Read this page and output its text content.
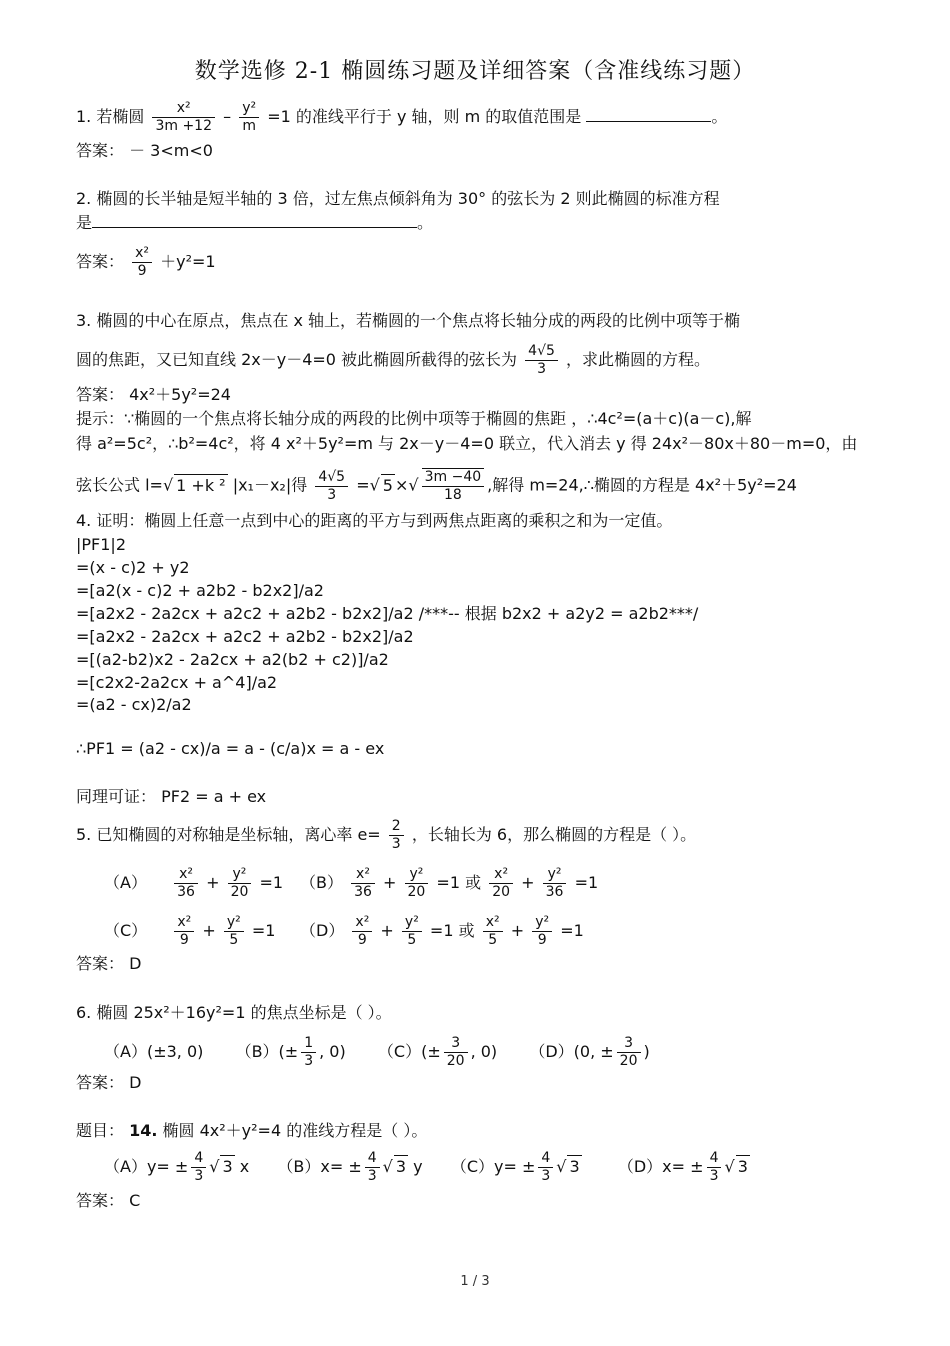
数学选修 2-1 椭圆练习题及详细答案（含准线练习题）
1. 若椭圆 $\frac{\text{x²}}{3m +12} - \frac{\text{y²}}{m} =1$ 的准线平行于 y 轴，则 m 的取值范围是	。
答案： － 3<m<0
2. 椭圆的长半轴是短半轴的 3 倍，过左焦点倾斜角为 30° 的弦长为 2 则此椭圆的标准方程
是	。
答案： $\frac{\text{x²}}{9} +y^2=1$
3. 椭圆的中心在原点，焦点在 x 轴上，若椭圆的一个焦点将长轴分成的两段的比例中项等于椭
圆的焦距，又已知直线 2x－y－4=0 被此椭圆所截得的弦长为 $\frac{4√5}{3}$ ，求此椭圆的方程。
答案： 4x²＋5y²=24
提示：∵椭圆的一个焦点将长轴分成的两段的比例中项等于椭圆的焦距 ，∴4c²=(a＋c)(a－c),解
得 a²=5c²，∴b²=4c²，将 4 x²＋5y²=m 与 2x－y－4=0 联立，代入消去 y 得 24x²－80x＋80－m=0，由
弦长公式 l=√ 1 +k ² |x₁－x₂|得 $\frac{4√5}{3}$ =√ 5 ×√ $\frac{3m -40}{18}$ ,解得 m=24,∴椭圆的方程是 4x²＋5y²=24
4. 证明：椭圆上任意一点到中心的距离的平方与到两焦点距离的乘积之和为一定值。
|PF1|2
=(x - c)2 + y2
=[a2(x - c)2 + a2b2 - b2x2]/a2
=[a2x2 - 2a2cx + a2c2 + a2b2 - b2x2]/a2 /***-- 根据 b2x2 + a2y2 = a2b2***/
=[a2x2 - 2a2cx + a2c2 + a2b2 - b2x2]/a2
=[(a2-b2)x2 - 2a2cx + a2(b2 + c2)]/a2
=[c2x2-2a2cx + a^4]/a2
=(a2 - cx)2/a2
∴PF1 = (a2 - cx)/a = a - (c/a)x = a - ex
同理可证： PF2 = a + ex
5. 已知椭圆的对称轴是坐标轴，离心率 $e= \frac{2}{3}$ ，长轴长为 6，那么椭圆的方程是（ ）。
$(A) \frac{\text{x²}}{36} + \frac{\text{y²}}{20} =1$ $(B) \frac{\text{x²}}{36} + \frac{\text{y²}}{20} =1$ 或 $\frac{\text{x²}}{20} + \frac{\text{y²}}{36} =1$
$(C) \frac{\text{x²}}{9} + \frac{\text{y²}}{5} =1$ $(D) \frac{\text{x²}}{9} + \frac{\text{y²}}{5} =1$ 或 $\frac{\text{x²}}{5} + \frac{\text{y²}}{9} =1$
答案： D
6. 椭圆 25x²＋16y²=1 的焦点坐标是（ ）。
（A）(±3, 0) $(B)(\pm \frac{1}{3}$ , 0) $(C)(\pm \frac{3}{20}$ , 0) （D）(0, ± $\frac{3}{20}$ )
答案： D
题目： 14. 椭圆 4x²＋y²=4 的准线方程是（ ）。
$(A)y= \pm \frac{4}{3}$ √ 3 x $(B)x= \pm \frac{4}{3}$ √ 3 y $(C)y= \pm \frac{4}{3}$ √ 3 $(D)x= \pm \frac{4}{3}$ √ 3
答案： C
1 / 3
